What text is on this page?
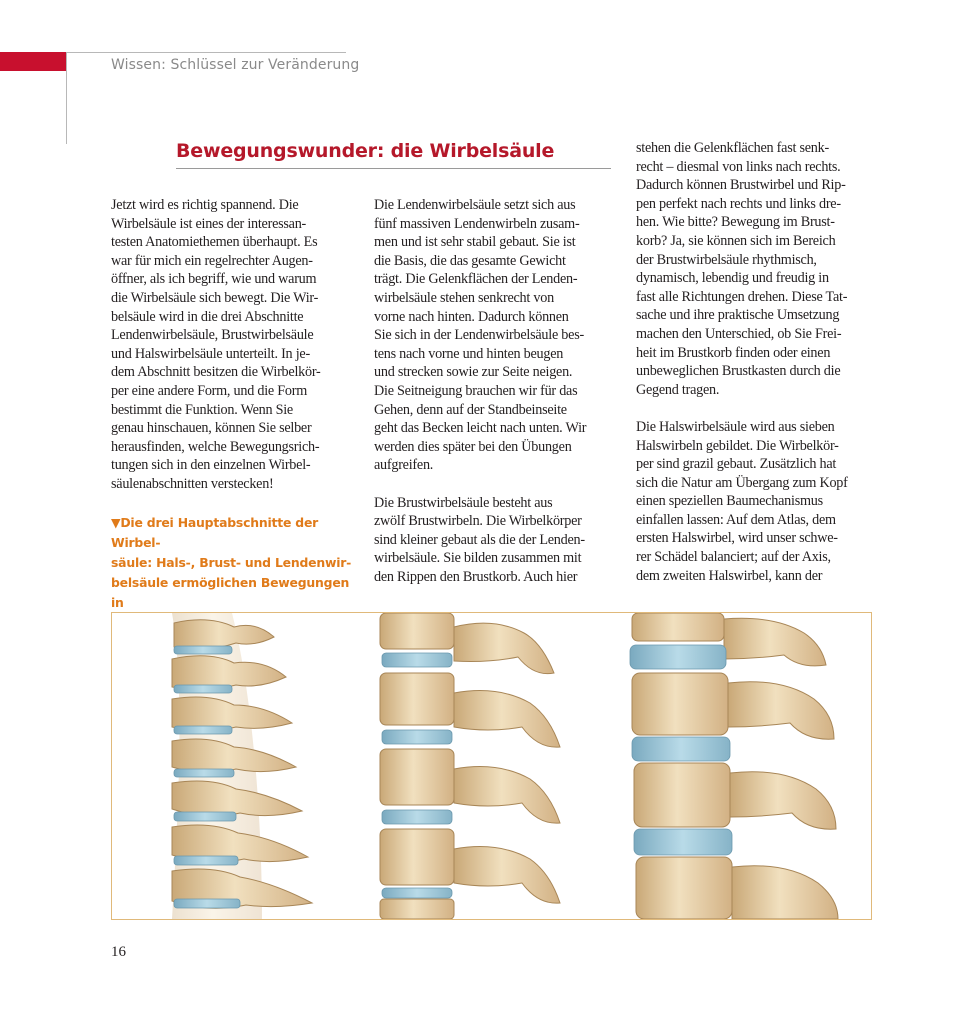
Wissen: Schlüssel zur Veränderung
Bewegungswunder: die Wirbelsäule

Jetzt wird es richtig spannend. Die
Wirbelsäule ist eines der interessan-
testen Anatomiethemen überhaupt. Es
war für mich ein regelrechter Augen-
öffner, als ich begriff, wie und warum
die Wirbelsäule sich bewegt. Die Wir-
belsäule wird in die drei Abschnitte
Lendenwirbelsäule, Brustwirbelsäule
und Halswirbelsäule unterteilt. In je-
dem Abschnitt besitzen die Wirbelkör-
per eine andere Form, und die Form
bestimmt die Funktion. Wenn Sie
genau hinschauen, können Sie selber
herausfinden, welche Bewegungsrich-
tungen sich in den einzelnen Wirbel-
säulenabschnitten verstecken!

▼Die drei Hauptabschnitte der Wirbel-
säule: Hals-, Brust- und Lendenwir-
belsäule ermöglichen Bewegungen in

Die Lendenwirbelsäule setzt sich aus
fünf massiven Lendenwirbeln zusam-
men und ist sehr stabil gebaut. Sie ist
die Basis, die das gesamte Gewicht
trägt. Die Gelenkflächen der Lenden-
wirbelsäule stehen senkrecht von
vorne nach hinten. Dadurch können
Sie sich in der Lendenwirbelsäule bes-
tens nach vorne und hinten beugen
und strecken sowie zur Seite neigen.
Die Seitneigung brauchen wir für das
Gehen, denn auf der Standbeinseite
geht das Becken leicht nach unten. Wir
werden dies später bei den Übungen
aufgreifen.

Die Brustwirbelsäule besteht aus
zwölf Brustwirbeln. Die Wirbelkörper
sind kleiner gebaut als die der Lenden-
wirbelsäule. Sie bilden zusammen mit
den Rippen den Brustkorb. Auch hier

stehen die Gelenkflächen fast senk-
recht – diesmal von links nach rechts.
Dadurch können Brustwirbel und Rip-
pen perfekt nach rechts und links dre-
hen. Wie bitte? Bewegung im Brust-
korb? Ja, sie können sich im Bereich
der Brustwirbelsäule rhythmisch,
dynamisch, lebendig und freudig in
fast alle Richtungen drehen. Diese Tat-
sache und ihre praktische Umsetzung
machen den Unterschied, ob Sie Frei-
heit im Brustkorb finden oder einen
unbeweglichen Brustkasten durch die
Gegend tragen.

Die Halswirbelsäule wird aus sieben
Halswirbeln gebildet. Die Wirbelkör-
per sind grazil gebaut. Zusätzlich hat
sich die Natur am Übergang zum Kopf
einen speziellen Baumechanismus
einfallen lassen: Auf dem Atlas, dem
ersten Halswirbel, wird unser schwe-
rer Schädel balanciert; auf der Axis,
dem zweiten Halswirbel, kann der

16
